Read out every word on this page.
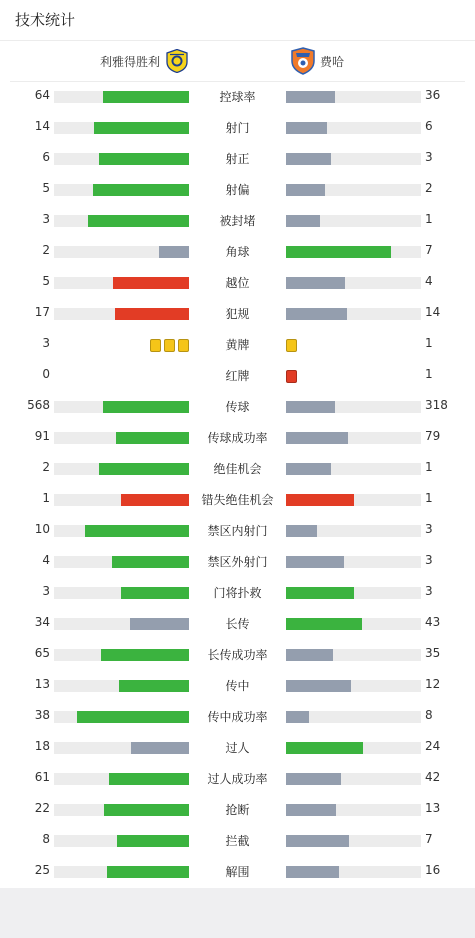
技术统计
利雅得胜利	费哈
64	控球率	36
14	射门	6
6	射正	3
5	射偏	2
3	被封堵	1
2	角球	7
5	越位	4
17	犯规	14
3	黄牌	1
0	红牌	1
568	传球	318
91	传球成功率	79
2	绝佳机会	1
1	错失绝佳机会	1
10	禁区内射门	3
4	禁区外射门	3
3	门将扑救	3
34	长传	43
65	长传成功率	35
13	传中	12
38	传中成功率	8
18	过人	24
61	过人成功率	42
22	抢断	13
8	拦截	7
25	解围	16
